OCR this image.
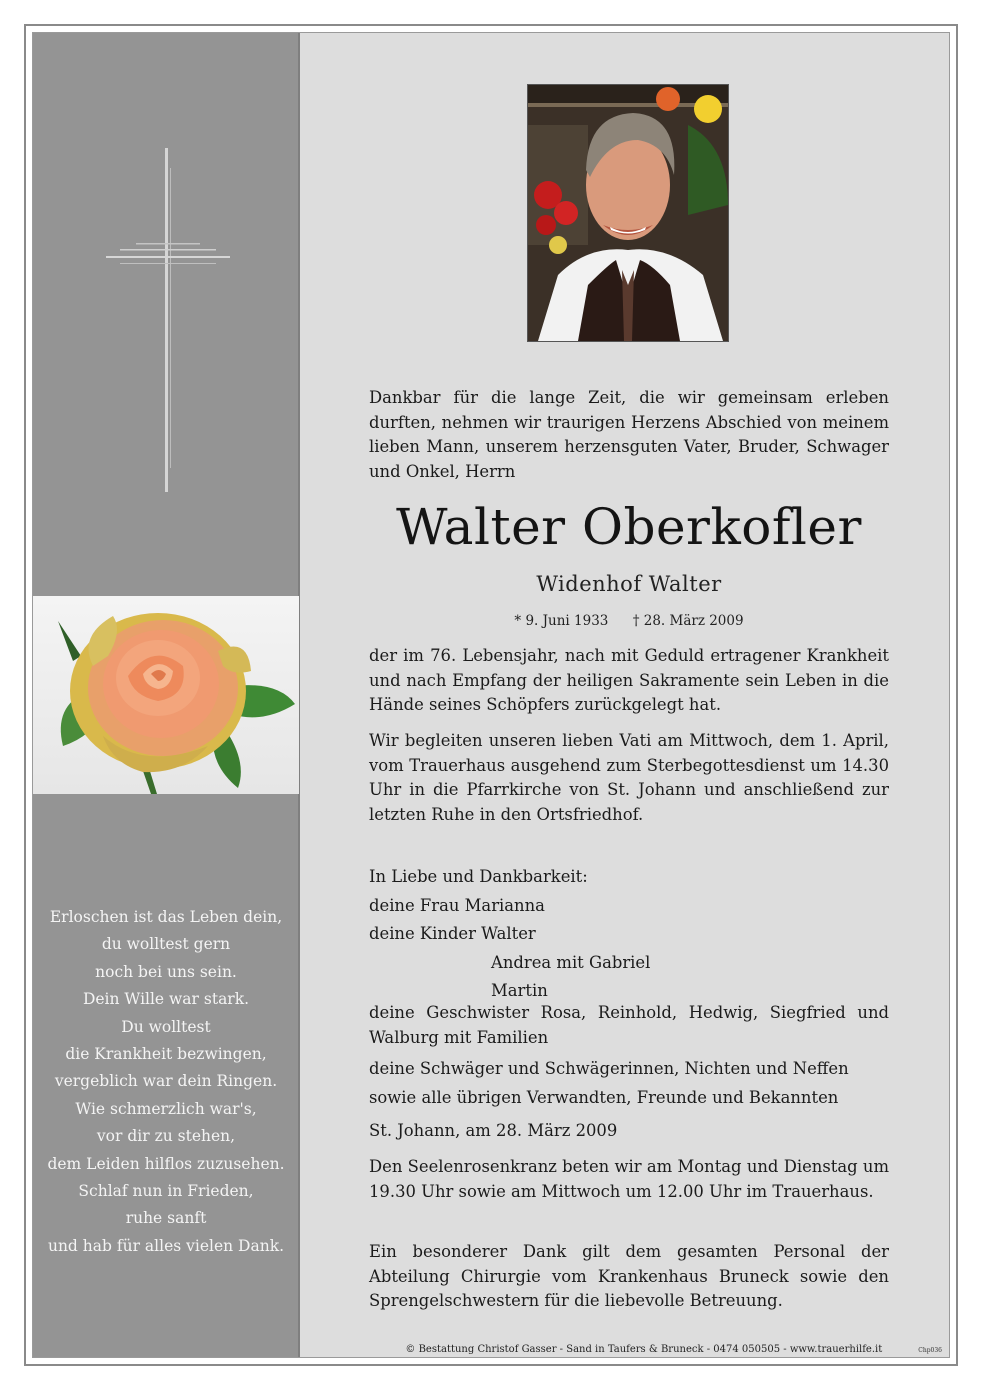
Erloschen ist das Leben dein,
du wolltest gern
noch bei uns sein.
Dein Wille war stark.
Du wolltest
die Krankheit bezwingen,
vergeblich war dein Ringen.
Wie schmerzlich war's,
vor dir zu stehen,
dem Leiden hilflos zuzusehen.
Schlaf nun in Frieden,
ruhe sanft
und hab für alles vielen Dank.

Dankbar für die lange Zeit, die wir gemeinsam erleben durften, nehmen wir traurigen Herzens Abschied von meinem lieben Mann, unserem herzensguten Vater, Bruder, Schwager und Onkel, Herrn

Walter Oberkofler
Widenhof Walter
* 9. Juni 1933 † 28. März 2009

der im 76. Lebensjahr, nach mit Geduld ertragener Krankheit und nach Empfang der heiligen Sakramente sein Leben in die Hände seines Schöpfers zurückgelegt hat.

Wir begleiten unseren lieben Vati am Mittwoch, dem 1. April, vom Trauerhaus ausgehend zum Sterbegottesdienst um 14.30 Uhr in die Pfarrkirche von St. Johann und anschließend zur letzten Ruhe in den Ortsfriedhof.

In Liebe und Dankbarkeit:
deine Frau Marianna
deine Kinder Walter
Andrea mit Gabriel
Martin

deine Geschwister Rosa, Reinhold, Hedwig, Siegfried und Walburg mit Familien

deine Schwäger und Schwägerinnen, Nichten und Neffen
sowie alle übrigen Verwandten, Freunde und Bekannten
St. Johann, am 28. März 2009

Den Seelenrosenkranz beten wir am Montag und Dienstag um 19.30 Uhr sowie am Mittwoch um 12.00 Uhr im Trauerhaus.

Ein besonderer Dank gilt dem gesamten Personal der Abteilung Chirurgie vom Krankenhaus Bruneck sowie den Sprengelschwestern für die liebevolle Betreuung.

© Bestattung Christof Gasser - Sand in Taufers & Bruneck - 0474 050505 - www.trauerhilfe.it	Chp036
